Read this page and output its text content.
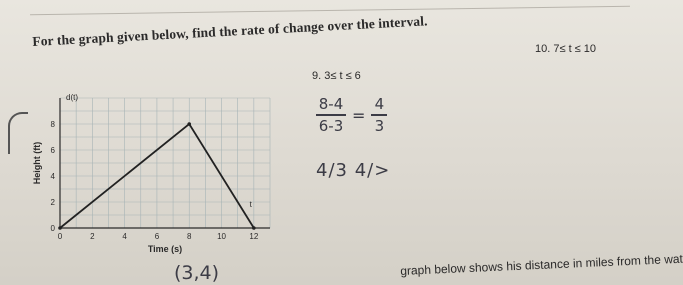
For the graph given below, find the rate of change over the interval.
9. 3≤ t ≤ 6
10. 7≤ t ≤ 10
0	2	4	6	8	10	12
0
2
4
6
8
t
d(t)
Time (s)
Height (ft)
$\frac{8-4}{6-3} = \frac{4}{3}$
4/3 4/>
(3,4)	graph below shows his distance in miles from the wat
